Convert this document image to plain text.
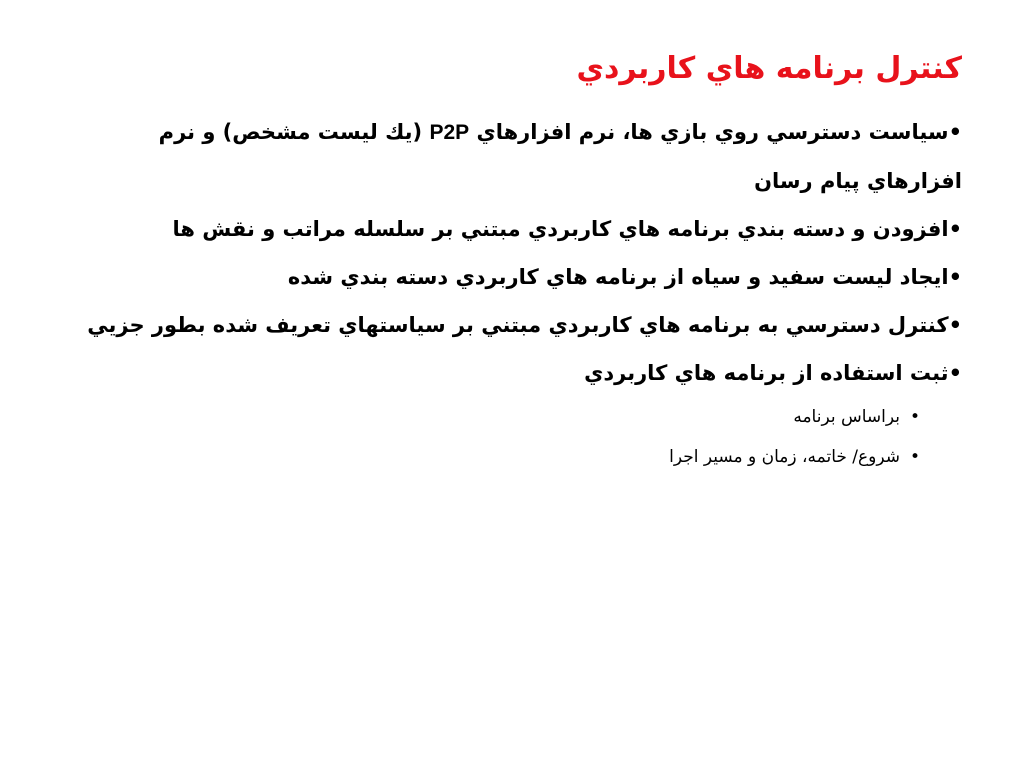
كنترل برنامه هاي كاربردي

•سياست دسترسي روي بازي ها، نرم افزارهاي P2P (يك ليست مشخص) و نرم افزارهاي پيام رسان

•افزودن و دسته بندي برنامه هاي كاربردي مبتني بر سلسله مراتب و نقش ها

•ايجاد ليست سفيد و سياه از برنامه هاي كاربردي دسته بندي شده

•كنترل دسترسي به برنامه هاي كاربردي مبتني بر سياستهاي تعريف شده بطور جزيي

•ثبت استفاده از برنامه هاي كاربردي

•براساس برنامه

•شروع/ خاتمه، زمان و مسير اجرا
